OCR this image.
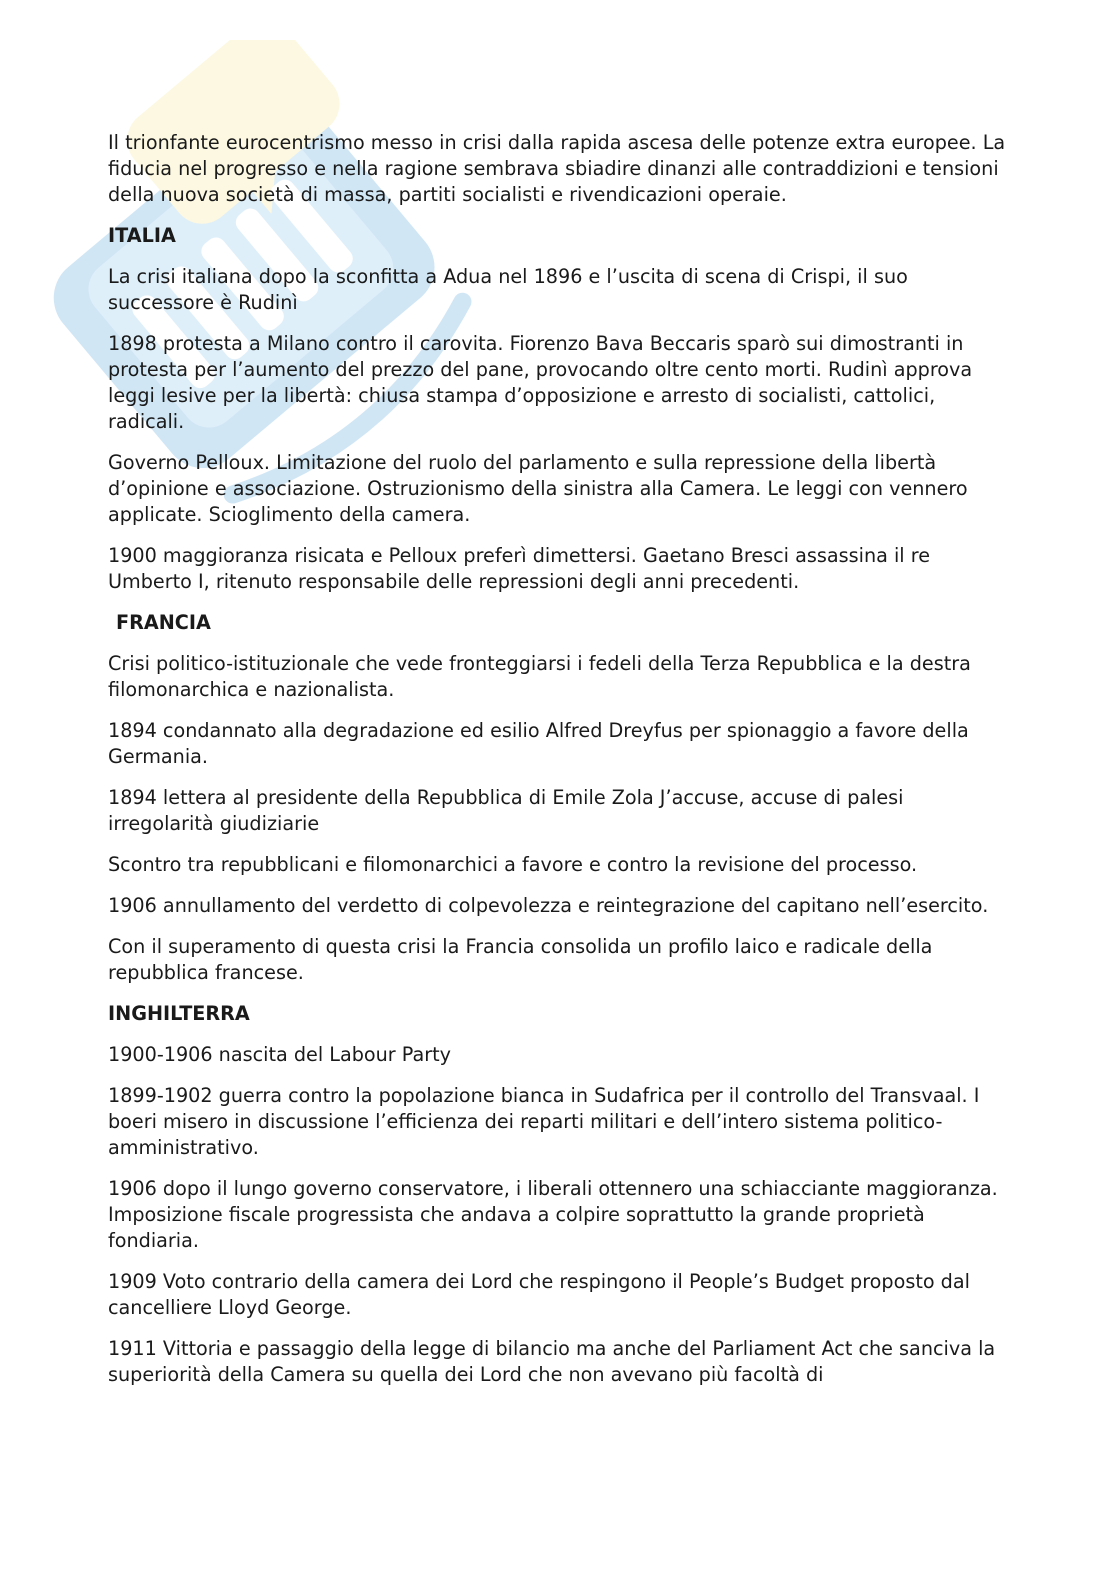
Il trionfante eurocentrismo messo in crisi dalla rapida ascesa delle potenze extra europee. La fiducia nel progresso e nella ragione sembrava sbiadire dinanzi alle contraddizioni e tensioni della nuova società di massa, partiti socialisti e rivendicazioni operaie.

ITALIA

La crisi italiana dopo la sconfitta a Adua nel 1896 e l’uscita di scena di Crispi, il suo successore è Rudinì

1898 protesta a Milano contro il carovita. Fiorenzo Bava Beccaris sparò sui dimostranti in protesta per l’aumento del prezzo del pane, provocando oltre cento morti. Rudinì approva leggi lesive per la libertà: chiusa stampa d’opposizione e arresto di socialisti, cattolici, radicali.

Governo Pelloux. Limitazione del ruolo del parlamento e sulla repressione della libertà d’opinione e associazione. Ostruzionismo della sinistra alla Camera. Le leggi con vennero applicate. Scioglimento della camera.

1900 maggioranza risicata e Pelloux preferì dimettersi. Gaetano Bresci assassina il re Umberto I, ritenuto responsabile delle repressioni degli anni precedenti.

FRANCIA

Crisi politico-istituzionale che vede fronteggiarsi i fedeli della Terza Repubblica e la destra filomonarchica e nazionalista.

1894 condannato alla degradazione ed esilio Alfred Dreyfus per spionaggio a favore della Germania.

1894 lettera al presidente della Repubblica di Emile Zola J’accuse, accuse di palesi irregolarità giudiziarie

Scontro tra repubblicani e filomonarchici a favore e contro la revisione del processo.

1906 annullamento del verdetto di colpevolezza e reintegrazione del capitano nell’esercito.

Con il superamento di questa crisi la Francia consolida un profilo laico e radicale della repubblica francese.

INGHILTERRA

1900-1906 nascita del Labour Party

1899-1902 guerra contro la popolazione bianca in Sudafrica per il controllo del Transvaal. I boeri misero in discussione l’efficienza dei reparti militari e dell’intero sistema politico-amministrativo.

1906 dopo il lungo governo conservatore, i liberali ottennero una schiacciante maggioranza. Imposizione fiscale progressista che andava a colpire soprattutto la grande proprietà fondiaria.

1909 Voto contrario della camera dei Lord che respingono il People’s Budget proposto dal cancelliere Lloyd George.

1911 Vittoria e passaggio della legge di bilancio ma anche del Parliament Act che sanciva la superiorità della Camera su quella dei Lord che non avevano più facoltà di
